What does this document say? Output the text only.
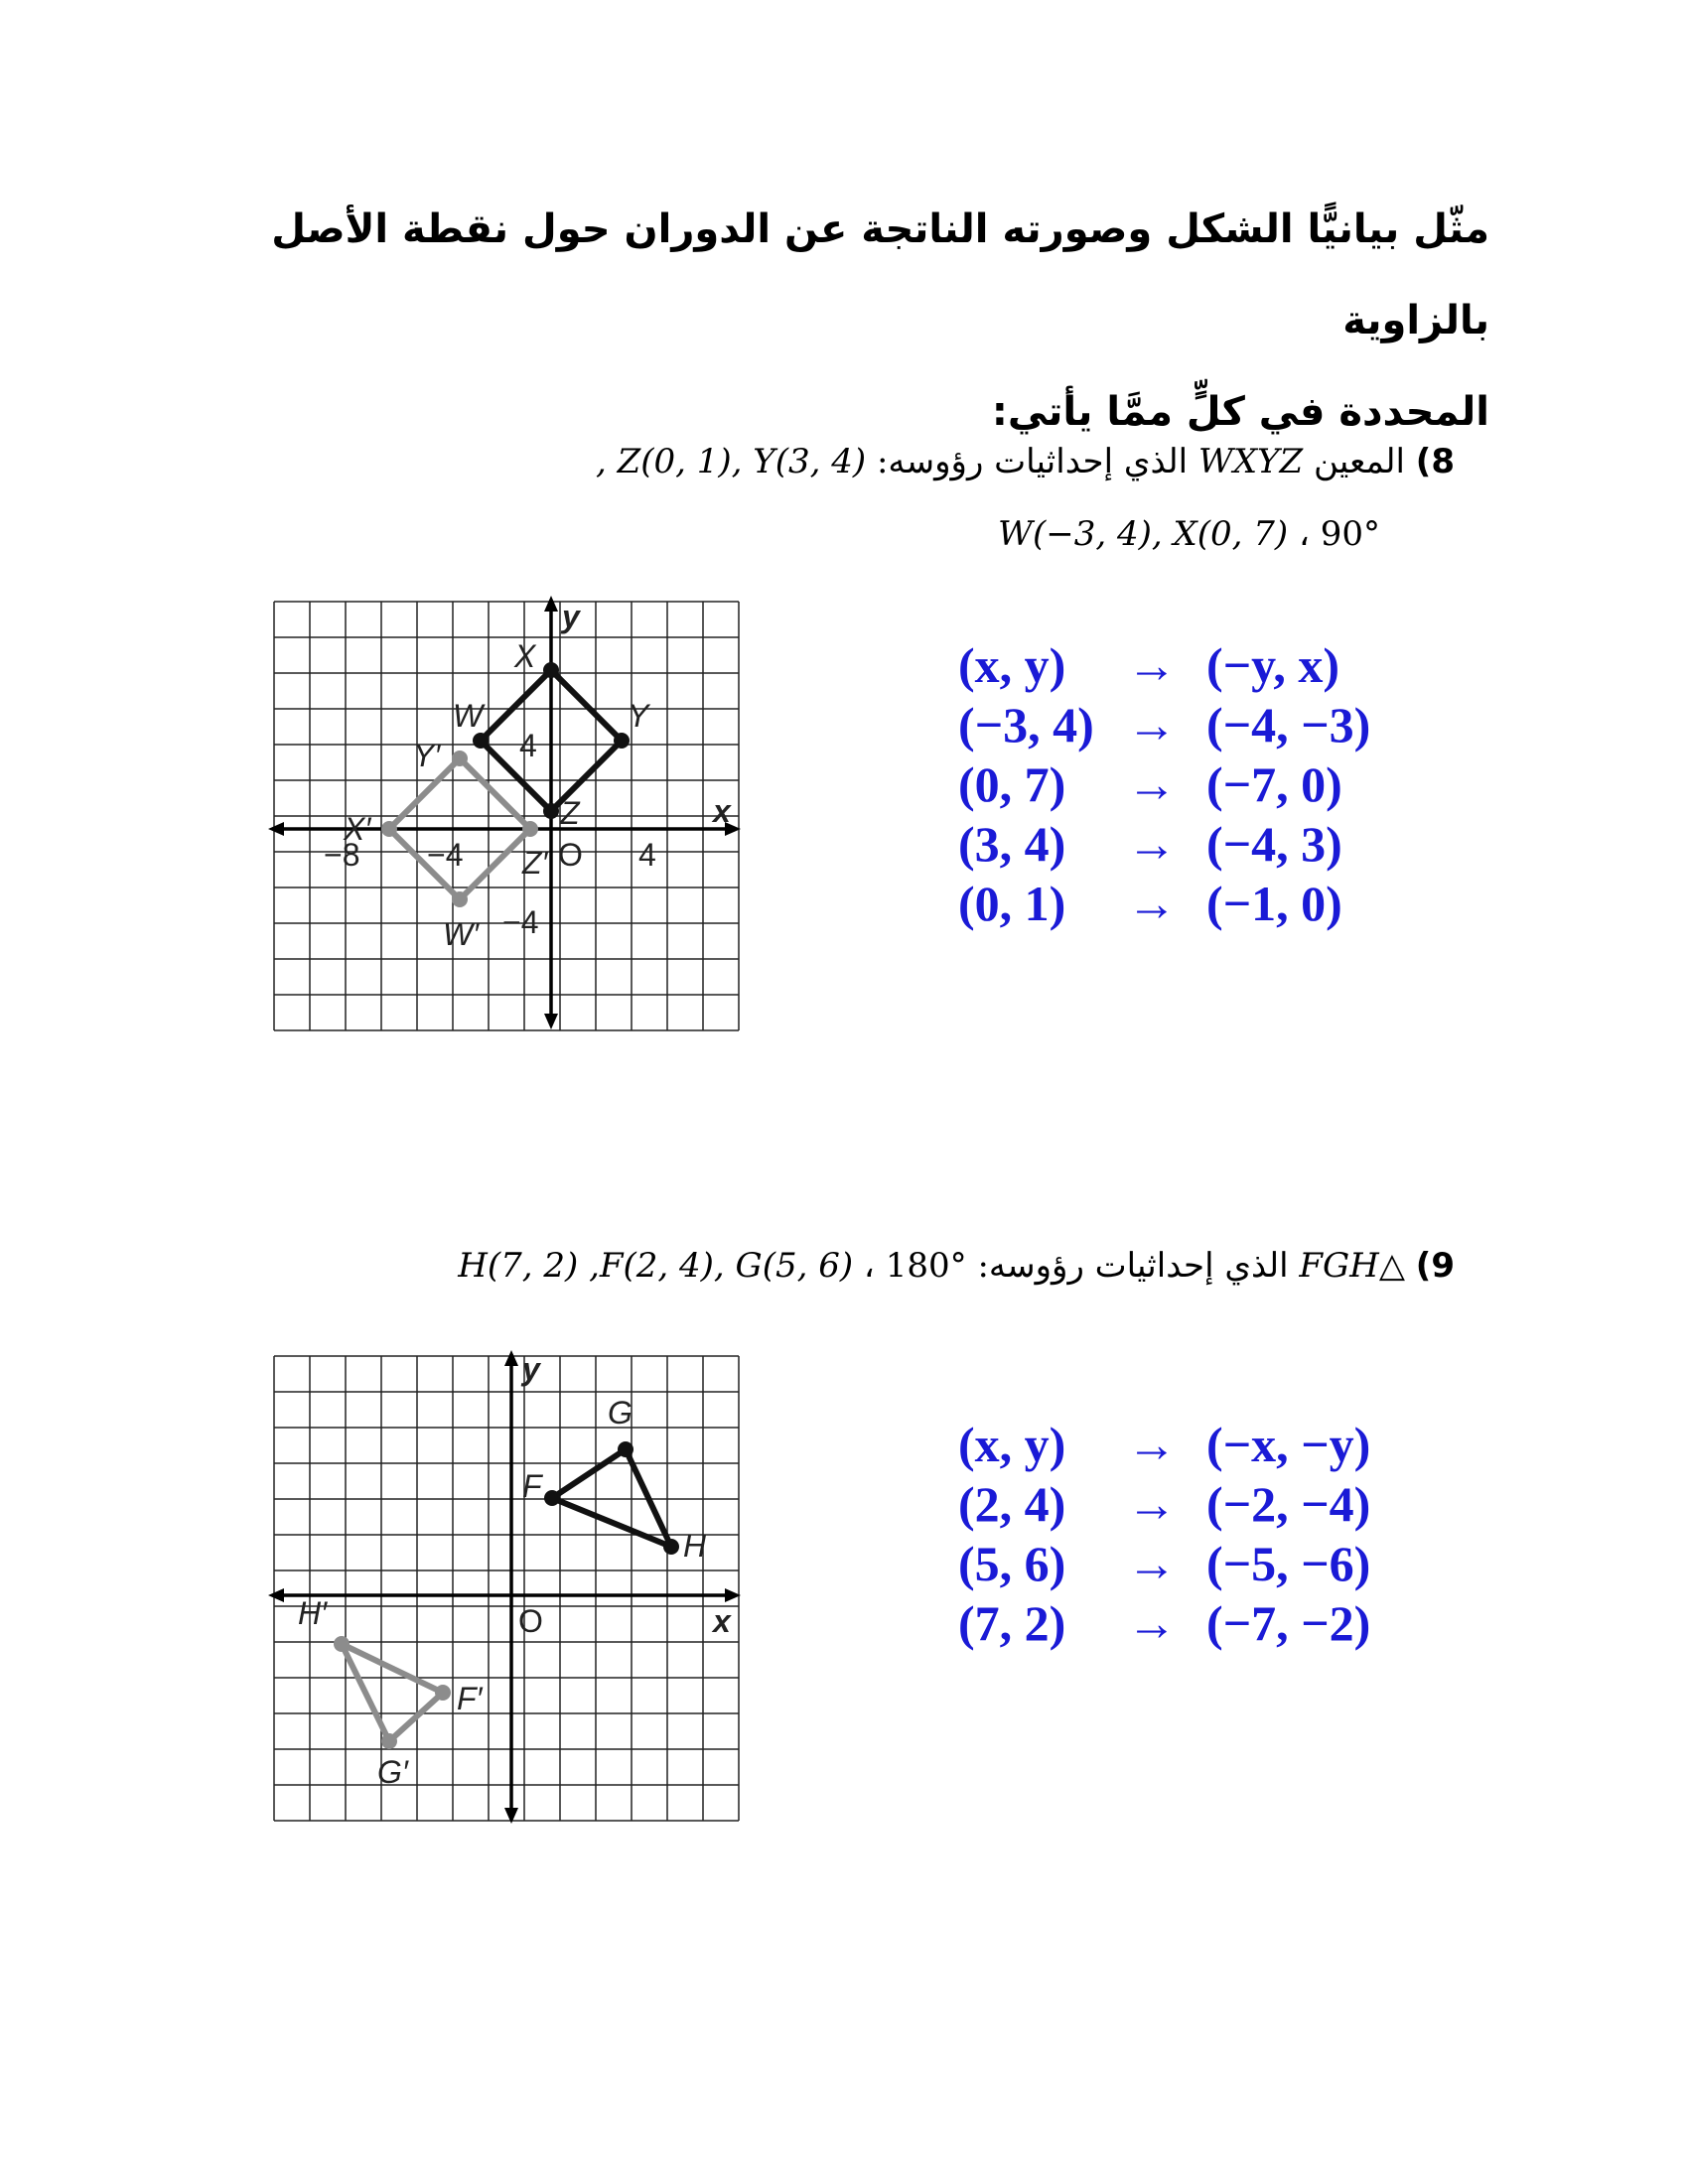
مثّل بيانيًّا الشكل وصورته الناتجة عن الدوران حول نقطة الأصل بالزاوية
المحددة في كلٍّ ممَّا يأتي:
8) المعين WXYZ الذي إحداثيات رؤوسه: Z(0, 1), Y(3, 4) ,
W(−3, 4), X(0, 7) ، 90°
y
x
O
4
−4
−8 −4	4
X
W	Y
Z
X′
Y′
Z′
W′
(x, y) → (−y, x)
(−3, 4) → (−4, −3)
(0, 7) → (−7, 0)
(3, 4) → (−4, 3)
(0, 1) → (−1, 0)
9) △FGH الذي إحداثيات رؤوسه: H(7, 2) ,F(2, 4), G(5, 6) ، 180°
y
x
O
F
G
H
F′
G′
H′
(x, y) → (−x, −y)
(2, 4) → (−2, −4)
(5, 6) → (−5, −6)
(7, 2) → (−7, −2)
